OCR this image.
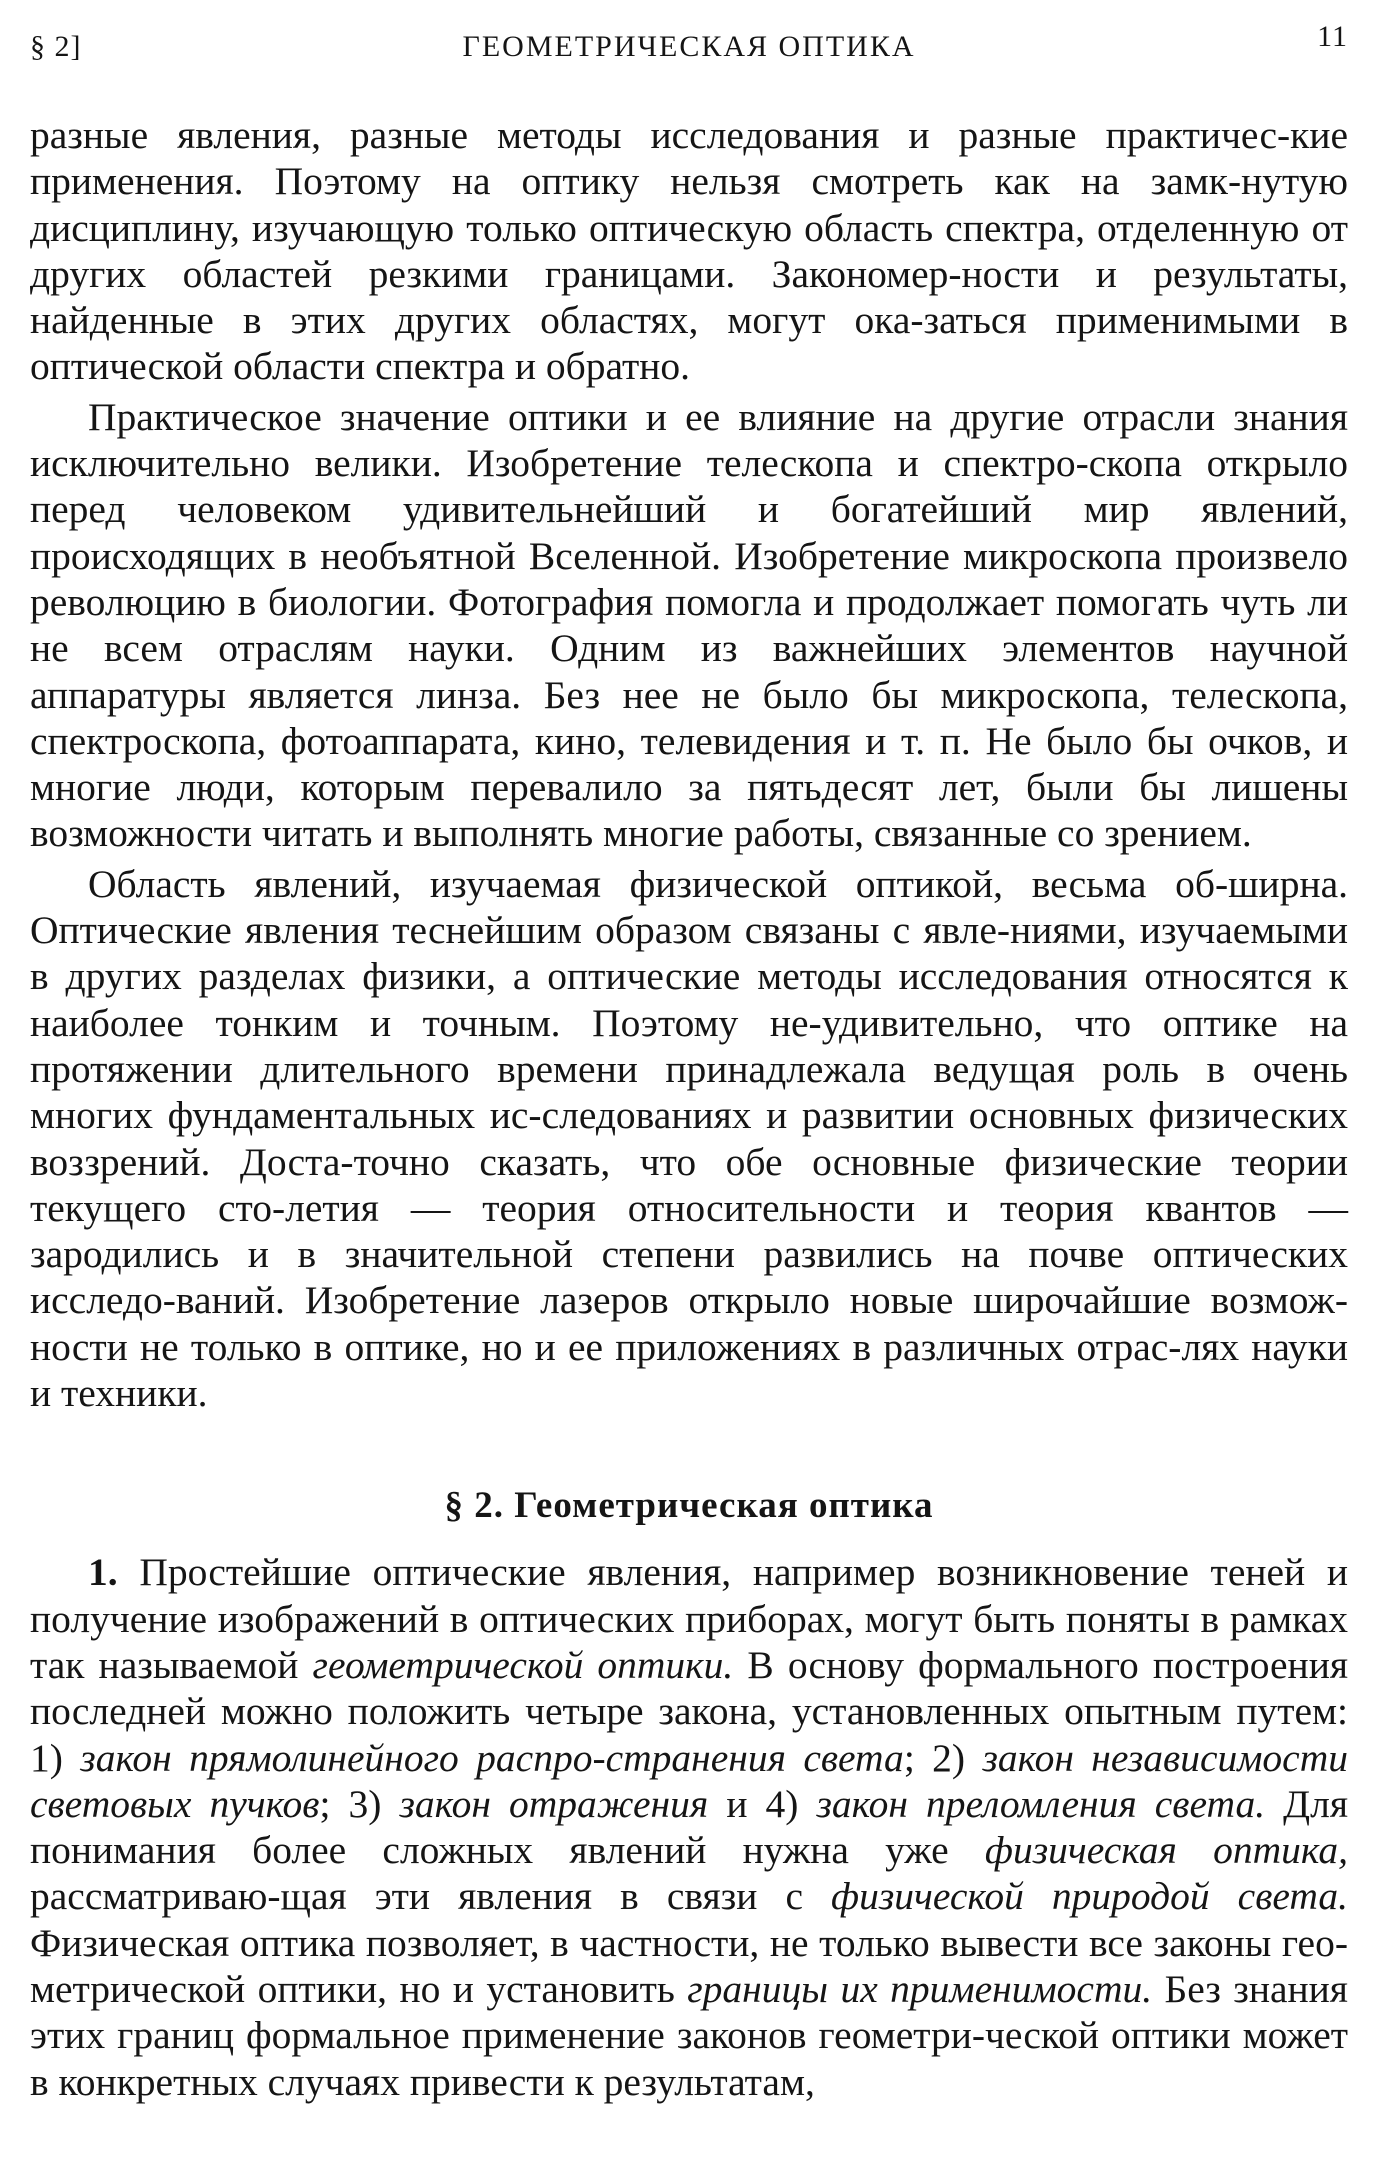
§ 2]	ГЕОМЕТРИЧЕСКАЯ ОПТИКА	11

разные явления, разные методы исследования и разные практичес-кие применения. Поэтому на оптику нельзя смотреть как на замк-нутую дисциплину, изучающую только оптическую область спектра, отделенную от других областей резкими границами. Закономер-ности и результаты, найденные в этих других областях, могут ока-заться применимыми в оптической области спектра и обратно.

Практическое значение оптики и ее влияние на другие отрасли знания исключительно велики. Изобретение телескопа и спектро-скопа открыло перед человеком удивительнейший и богатейший мир явлений, происходящих в необъятной Вселенной. Изобретение микроскопа произвело революцию в биологии. Фотография помогла и продолжает помогать чуть ли не всем отраслям науки. Одним из важнейших элементов научной аппаратуры является линза. Без нее не было бы микроскопа, телескопа, спектроскопа, фотоаппарата, кино, телевидения и т. п. Не было бы очков, и многие люди, которым перевалило за пятьдесят лет, были бы лишены возможности читать и выполнять многие работы, связанные со зрением.

Область явлений, изучаемая физической оптикой, весьма об-ширна. Оптические явления теснейшим образом связаны с явле-ниями, изучаемыми в других разделах физики, а оптические методы исследования относятся к наиболее тонким и точным. Поэтому не-удивительно, что оптике на протяжении длительного времени принадлежала ведущая роль в очень многих фундаментальных ис-следованиях и развитии основных физических воззрений. Доста-точно сказать, что обе основные физические теории текущего сто-летия — теория относительности и теория квантов — зародились и в значительной степени развились на почве оптических исследо-ваний. Изобретение лазеров открыло новые широчайшие возмож-ности не только в оптике, но и ее приложениях в различных отрас-лях науки и техники.

§ 2. Геометрическая оптика

1. Простейшие оптические явления, например возникновение теней и получение изображений в оптических приборах, могут быть поняты в рамках так называемой геометрической оптики. В основу формального построения последней можно положить четыре закона, установленных опытным путем: 1) закон прямолинейного распро-странения света; 2) закон независимости световых пучков; 3) закон отражения и 4) закон преломления света. Для понимания более сложных явлений нужна уже физическая оптика, рассматриваю-щая эти явления в связи с физической природой света. Физическая оптика позволяет, в частности, не только вывести все законы гео-метрической оптики, но и установить границы их применимости. Без знания этих границ формальное применение законов геометри-ческой оптики может в конкретных случаях привести к результатам,
